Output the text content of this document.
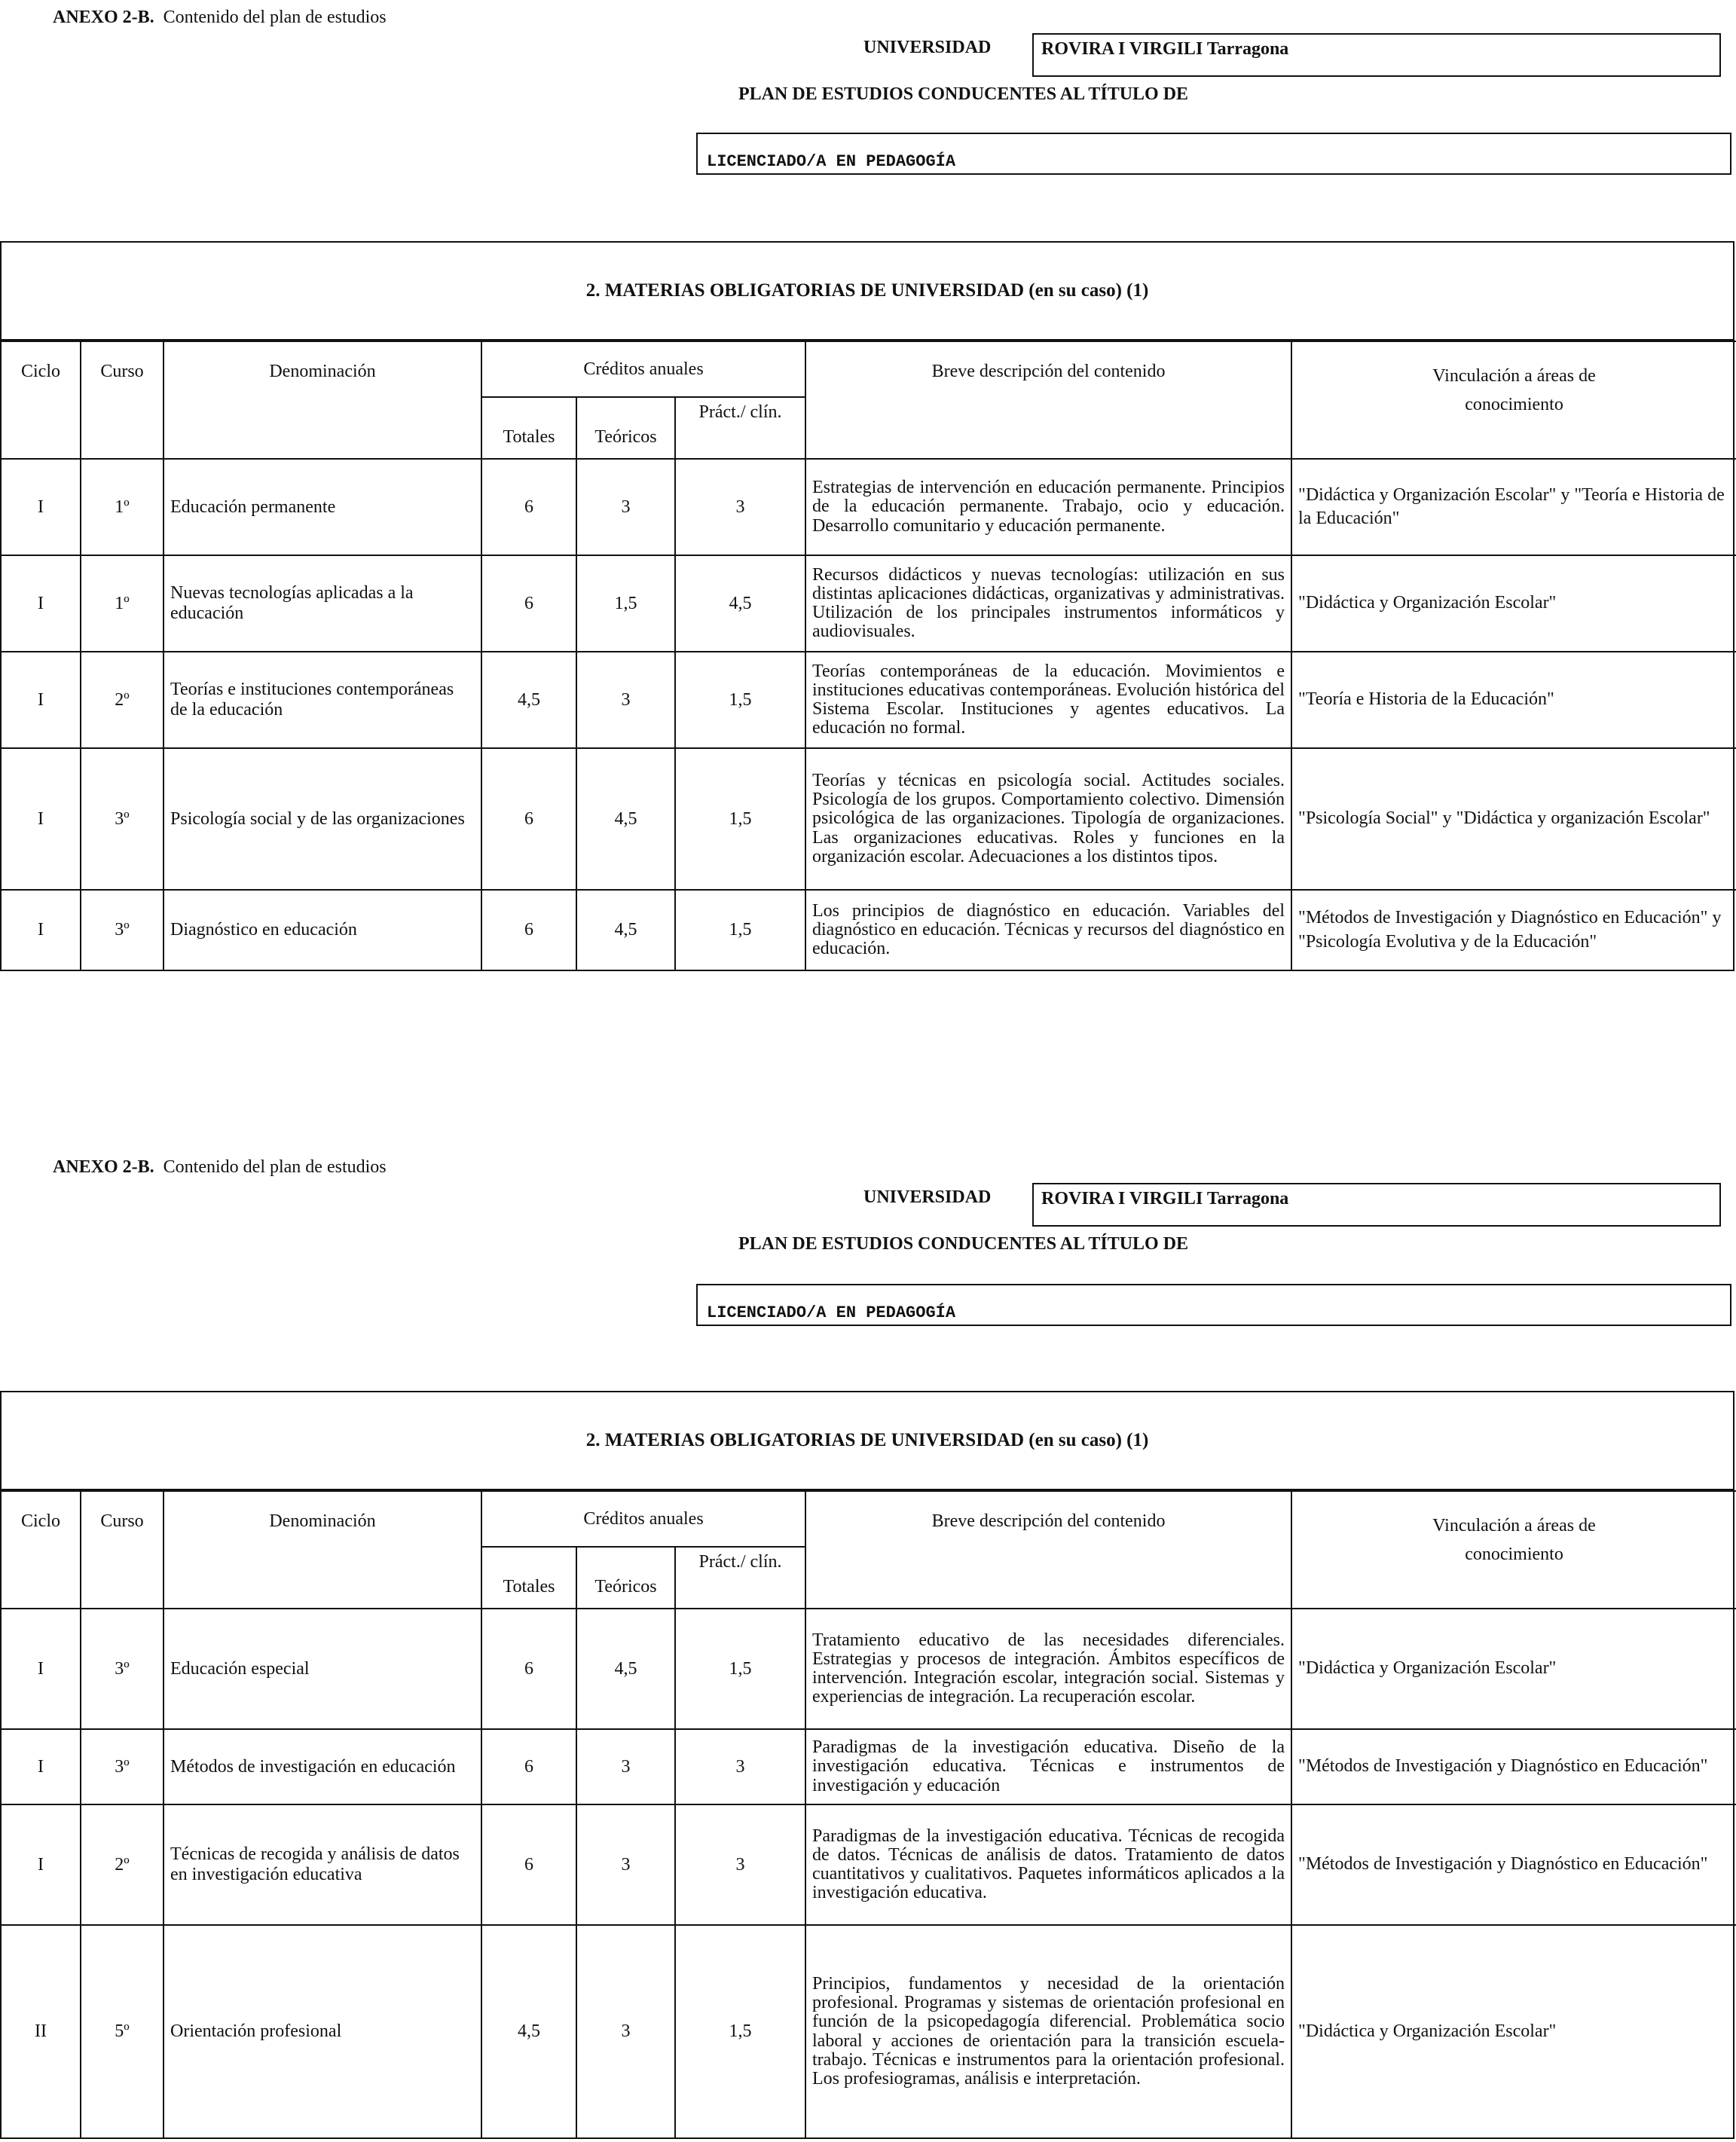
ANEXO 2-B. Contenido del plan de estudios
UNIVERSIDAD	ROVIRA I VIRGILI Tarragona
PLAN DE ESTUDIOS CONDUCENTES AL TÍTULO DE
LICENCIADO/A EN PEDAGOGÍA
2. MATERIAS OBLIGATORIAS DE UNIVERSIDAD (en su caso) (1)
Ciclo	Curso	Denominación	Créditos anuales			Breve descripción del contenido	Vinculación a áreas de
conocimiento
			Totales	Teóricos	Práct./ clín.		
I	1º	Educación permanente	6	3	3	Estrategias de intervención en educación permanente. Principios de la educación permanente. Trabajo, ocio y educación. Desarrollo comunitario y educación permanente.	"Didáctica y Organización Escolar" y "Teoría e Historia de la Educación"
I	1º	Nuevas tecnologías aplicadas a la educación	6	1,5	4,5	Recursos didácticos y nuevas tecnologías: utilización en sus distintas aplicaciones didácticas, organizativas y administrativas. Utilización de los principales instrumentos informáticos y audiovisuales.	"Didáctica y Organización Escolar"
I	2º	Teorías e instituciones contemporáneas de la educación	4,5	3	1,5	Teorías contemporáneas de la educación. Movimientos e instituciones educativas contemporáneas. Evolución histórica del Sistema Escolar. Instituciones y agentes educativos. La educación no formal.	"Teoría e Historia de la Educación"
I	3º	Psicología social y de las organizaciones	6	4,5	1,5	Teorías y técnicas en psicología social. Actitudes sociales. Psicología de los grupos. Comportamiento colectivo. Dimensión psicológica de las organizaciones. Tipología de organizaciones. Las organizaciones educativas. Roles y funciones en la organización escolar. Adecuaciones a los distintos tipos.	"Psicología Social" y "Didáctica y organización Escolar"
I	3º	Diagnóstico en educación	6	4,5	1,5	Los principios de diagnóstico en educación. Variables del diagnóstico en educación. Técnicas y recursos del diagnóstico en educación.	"Métodos de Investigación y Diagnóstico en Educación" y "Psicología Evolutiva y de la Educación"
ANEXO 2-B. Contenido del plan de estudios
UNIVERSIDAD	ROVIRA I VIRGILI Tarragona
PLAN DE ESTUDIOS CONDUCENTES AL TÍTULO DE
LICENCIADO/A EN PEDAGOGÍA
2. MATERIAS OBLIGATORIAS DE UNIVERSIDAD (en su caso) (1)
Ciclo	Curso	Denominación	Créditos anuales			Breve descripción del contenido	Vinculación a áreas de
conocimiento
			Totales	Teóricos	Práct./ clín.		
I	3º	Educación especial	6	4,5	1,5	Tratamiento educativo de las necesidades diferenciales. Estrategias y procesos de integración. Ámbitos específicos de intervención. Integración escolar, integración social. Sistemas y experiencias de integración. La recuperación escolar.	"Didáctica y Organización Escolar"
I	3º	Métodos de investigación en educación	6	3	3	Paradigmas de la investigación educativa. Diseño de la investigación educativa. Técnicas e instrumentos de investigación y educación	"Métodos de Investigación y Diagnóstico en Educación"
I	2º	Técnicas de recogida y análisis de datos en investigación educativa	6	3	3	Paradigmas de la investigación educativa. Técnicas de recogida de datos. Técnicas de análisis de datos. Tratamiento de datos cuantitativos y cualitativos. Paquetes informáticos aplicados a la investigación educativa.	"Métodos de Investigación y Diagnóstico en Educación"
II	5º	Orientación profesional	4,5	3	1,5	Principios, fundamentos y necesidad de la orientación profesional. Programas y sistemas de orientación profesional en función de la psicopedagogía diferencial. Problemática socio laboral y acciones de orientación para la transición escuela-trabajo. Técnicas e instrumentos para la orientación profesional. Los profesiogramas, análisis e interpretación.	"Didáctica y Organización Escolar"
